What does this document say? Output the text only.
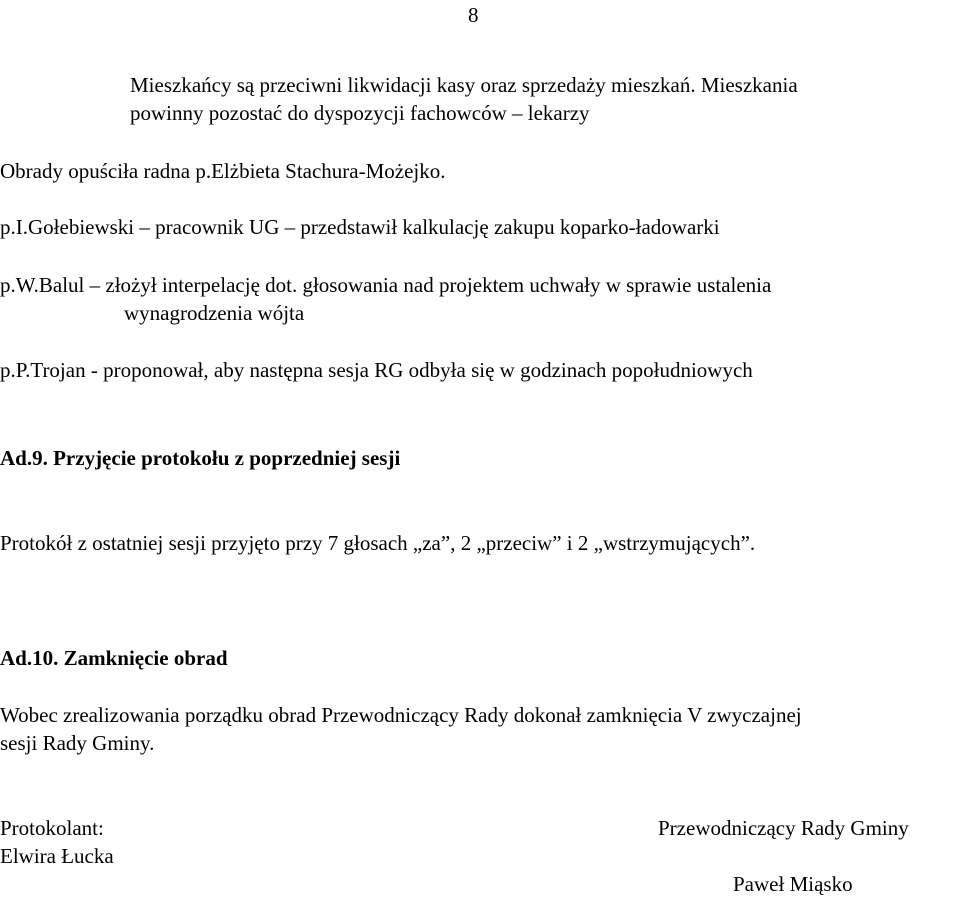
8
Mieszkańcy są przeciwni likwidacji kasy oraz sprzedaży mieszkań. Mieszkania
powinny pozostać do dyspozycji fachowców – lekarzy
Obrady opuściła radna p.Elżbieta Stachura-Możejko.
p.I.Gołebiewski – pracownik UG – przedstawił kalkulację zakupu koparko-ładowarki
p.W.Balul – złożył interpelację dot. głosowania nad projektem uchwały w sprawie ustalenia
wynagrodzenia wójta
p.P.Trojan - proponował, aby następna sesja RG odbyła się w godzinach popołudniowych
Ad.9. Przyjęcie protokołu z poprzedniej sesji
Protokół z ostatniej sesji przyjęto przy 7 głosach „za”, 2 „przeciw” i 2 „wstrzymujących”.
Ad.10. Zamknięcie obrad
Wobec zrealizowania porządku obrad Przewodniczący Rady dokonał zamknięcia V zwyczajnej
sesji Rady Gminy.
Protokolant:
Elwira Łucka
Przewodniczący Rady Gminy
Paweł Miąsko
